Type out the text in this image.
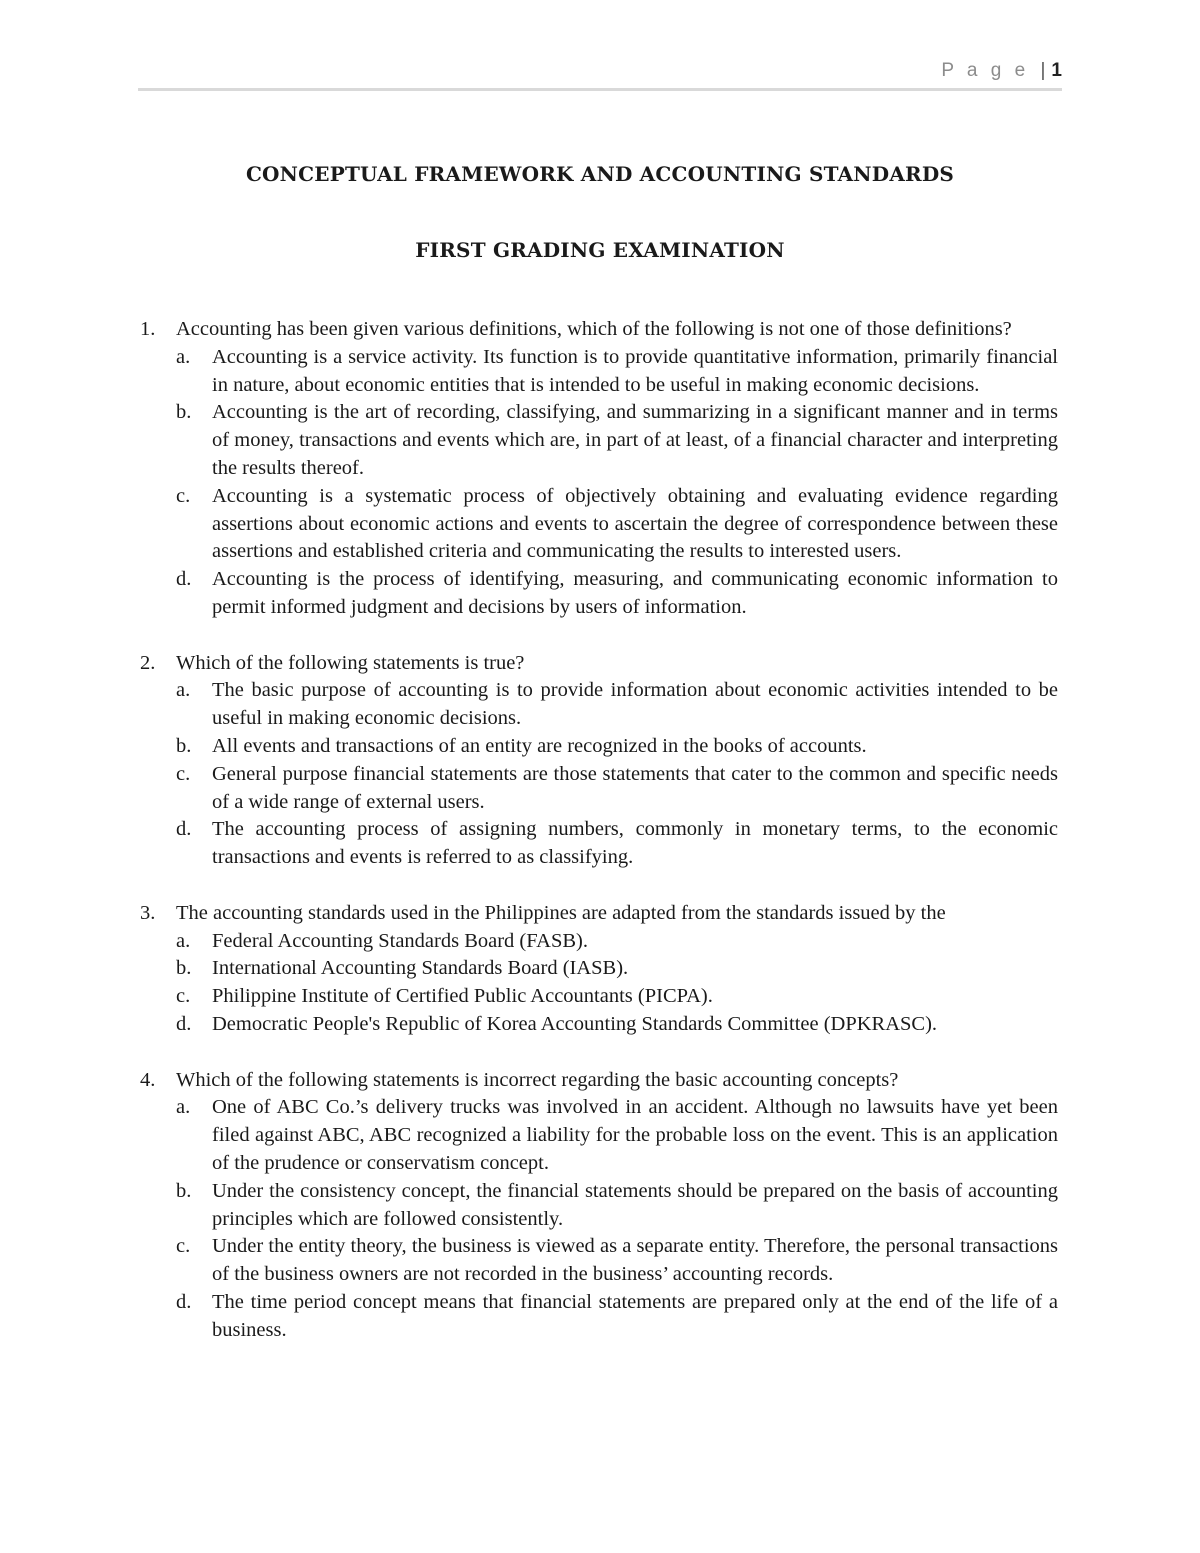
P a g e | 1
CONCEPTUAL FRAMEWORK AND ACCOUNTING STANDARDS
FIRST GRADING EXAMINATION
1. Accounting has been given various definitions, which of the following is not one of those definitions?
a. Accounting is a service activity. Its function is to provide quantitative information, primarily financial in nature, about economic entities that is intended to be useful in making economic decisions.
b. Accounting is the art of recording, classifying, and summarizing in a significant manner and in terms of money, transactions and events which are, in part of at least, of a financial character and interpreting the results thereof.
c. Accounting is a systematic process of objectively obtaining and evaluating evidence regarding assertions about economic actions and events to ascertain the degree of correspondence between these assertions and established criteria and communicating the results to interested users.
d. Accounting is the process of identifying, measuring, and communicating economic information to permit informed judgment and decisions by users of information.
2. Which of the following statements is true?
a. The basic purpose of accounting is to provide information about economic activities intended to be useful in making economic decisions.
b. All events and transactions of an entity are recognized in the books of accounts.
c. General purpose financial statements are those statements that cater to the common and specific needs of a wide range of external users.
d. The accounting process of assigning numbers, commonly in monetary terms, to the economic transactions and events is referred to as classifying.
3. The accounting standards used in the Philippines are adapted from the standards issued by the
a. Federal Accounting Standards Board (FASB).
b. International Accounting Standards Board (IASB).
c. Philippine Institute of Certified Public Accountants (PICPA).
d. Democratic People's Republic of Korea Accounting Standards Committee (DPKRASC).
4. Which of the following statements is incorrect regarding the basic accounting concepts?
a. One of ABC Co.’s delivery trucks was involved in an accident. Although no lawsuits have yet been filed against ABC, ABC recognized a liability for the probable loss on the event. This is an application of the prudence or conservatism concept.
b. Under the consistency concept, the financial statements should be prepared on the basis of accounting principles which are followed consistently.
c. Under the entity theory, the business is viewed as a separate entity. Therefore, the personal transactions of the business owners are not recorded in the business’ accounting records.
d. The time period concept means that financial statements are prepared only at the end of the life of a business.
